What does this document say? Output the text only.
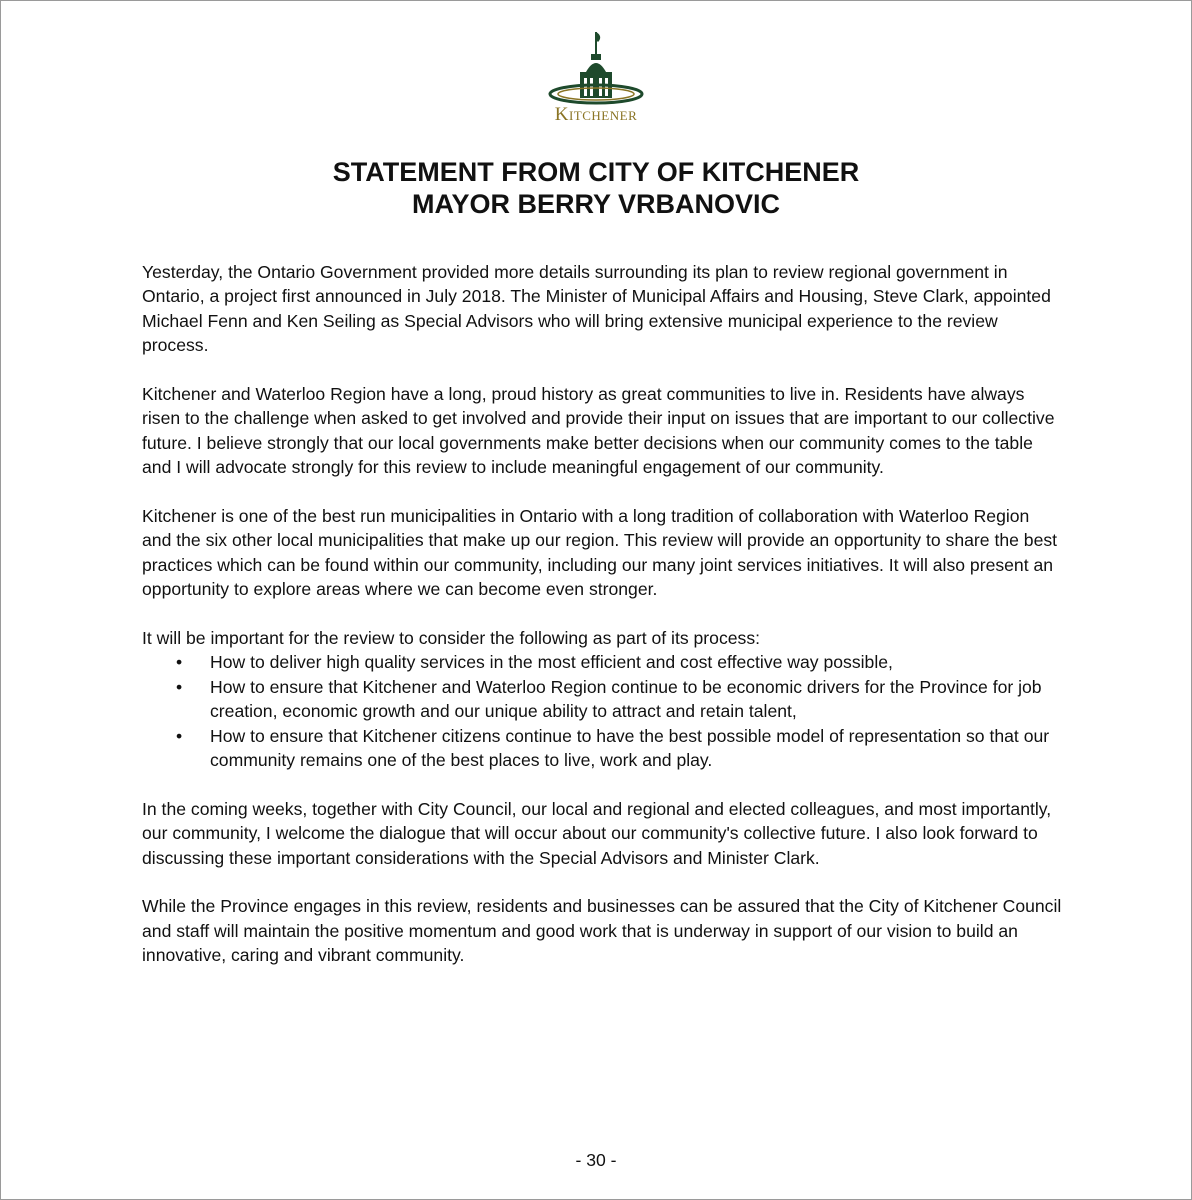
Kitchener
STATEMENT FROM CITY OF KITCHENER
MAYOR BERRY VRBANOVIC

Yesterday, the Ontario Government provided more details surrounding its plan to review regional government in Ontario, a project first announced in July 2018. The Minister of Municipal Affairs and Housing, Steve Clark, appointed Michael Fenn and Ken Seiling as Special Advisors who will bring extensive municipal experience to the review process.

Kitchener and Waterloo Region have a long, proud history as great communities to live in. Residents have always risen to the challenge when asked to get involved and provide their input on issues that are important to our collective future. I believe strongly that our local governments make better decisions when our community comes to the table and I will advocate strongly for this review to include meaningful engagement of our community.

Kitchener is one of the best run municipalities in Ontario with a long tradition of collaboration with Waterloo Region and the six other local municipalities that make up our region. This review will provide an opportunity to share the best practices which can be found within our community, including our many joint services initiatives. It will also present an opportunity to explore areas where we can become even stronger.

It will be important for the review to consider the following as part of its process:

• How to deliver high quality services in the most efficient and cost effective way possible,
• How to ensure that Kitchener and Waterloo Region continue to be economic drivers for the Province for job creation, economic growth and our unique ability to attract and retain talent,
• How to ensure that Kitchener citizens continue to have the best possible model of representation so that our community remains one of the best places to live, work and play.

In the coming weeks, together with City Council, our local and regional and elected colleagues, and most importantly, our community, I welcome the dialogue that will occur about our community's collective future. I also look forward to discussing these important considerations with the Special Advisors and Minister Clark.

While the Province engages in this review, residents and businesses can be assured that the City of Kitchener Council and staff will maintain the positive momentum and good work that is underway in support of our vision to build an innovative, caring and vibrant community.

- 30 -
